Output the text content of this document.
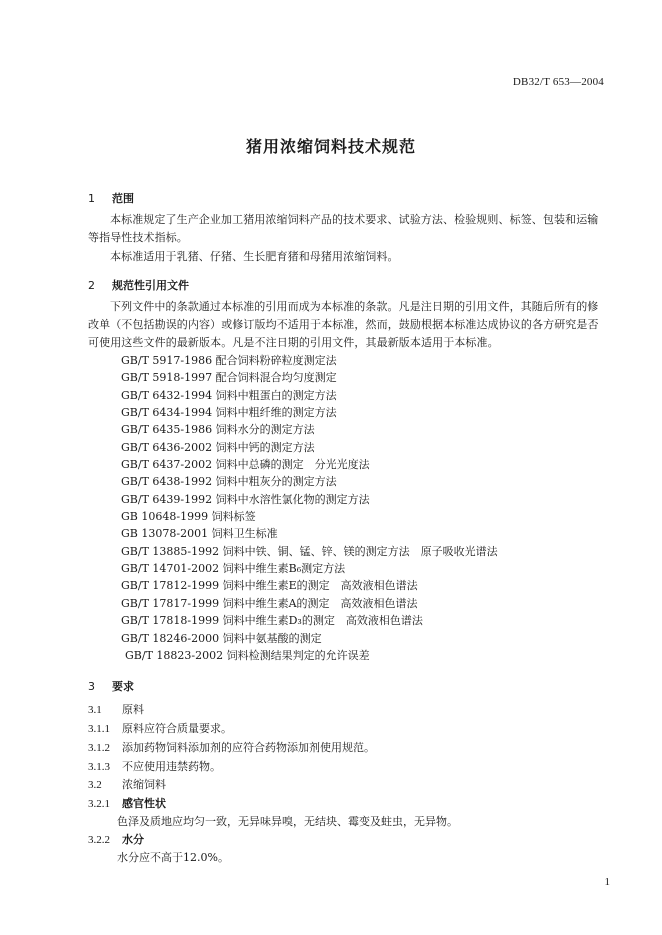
DB32/T 653—2004
猪用浓缩饲料技术规范
1 范围
本标准规定了生产企业加工猪用浓缩饲料产品的技术要求、试验方法、检验规则、标签、包装和运输等指导性技术指标。
本标准适用于乳猪、仔猪、生长肥育猪和母猪用浓缩饲料。
2 规范性引用文件
下列文件中的条款通过本标准的引用而成为本标准的条款。凡是注日期的引用文件，其随后所有的修改单（不包括勘误的内容）或修订版均不适用于本标准，然而，鼓励根据本标准达成协议的各方研究是否可使用这些文件的最新版本。凡是不注日期的引用文件，其最新版本适用于本标准。
GB/T 5917-1986 配合饲料粉碎粒度测定法
GB/T 5918-1997 配合饲料混合均匀度测定
GB/T 6432-1994 饲料中粗蛋白的测定方法
GB/T 6434-1994 饲料中粗纤维的测定方法
GB/T 6435-1986 饲料水分的测定方法
GB/T 6436-2002 饲料中钙的测定方法
GB/T 6437-2002 饲料中总磷的测定　分光光度法
GB/T 6438-1992 饲料中粗灰分的测定方法
GB/T 6439-1992 饲料中水溶性氯化物的测定方法
GB 10648-1999 饲料标签
GB 13078-2001 饲料卫生标准
GB/T 13885-1992 饲料中铁、铜、锰、锌、镁的测定方法　原子吸收光谱法
GB/T 14701-2002 饲料中维生素B₆测定方法
GB/T 17812-1999 饲料中维生素E的测定　高效液相色谱法
GB/T 17817-1999 饲料中维生素A的测定　高效液相色谱法
GB/T 17818-1999 饲料中维生素D₃的测定　高效液相色谱法
GB/T 18246-2000 饲料中氨基酸的测定
GB/T 18823-2002 饲料检测结果判定的允许误差
3 要求
3.1 原料
3.1.1 原料应符合质量要求。
3.1.2 添加药物饲料添加剂的应符合药物添加剂使用规范。
3.1.3 不应使用违禁药物。
3.2 浓缩饲料
3.2.1 感官性状
色泽及质地应均匀一致，无异味异嗅，无结块、霉变及蛀虫，无异物。
3.2.2 水分
水分应不高于12.0%。
1
